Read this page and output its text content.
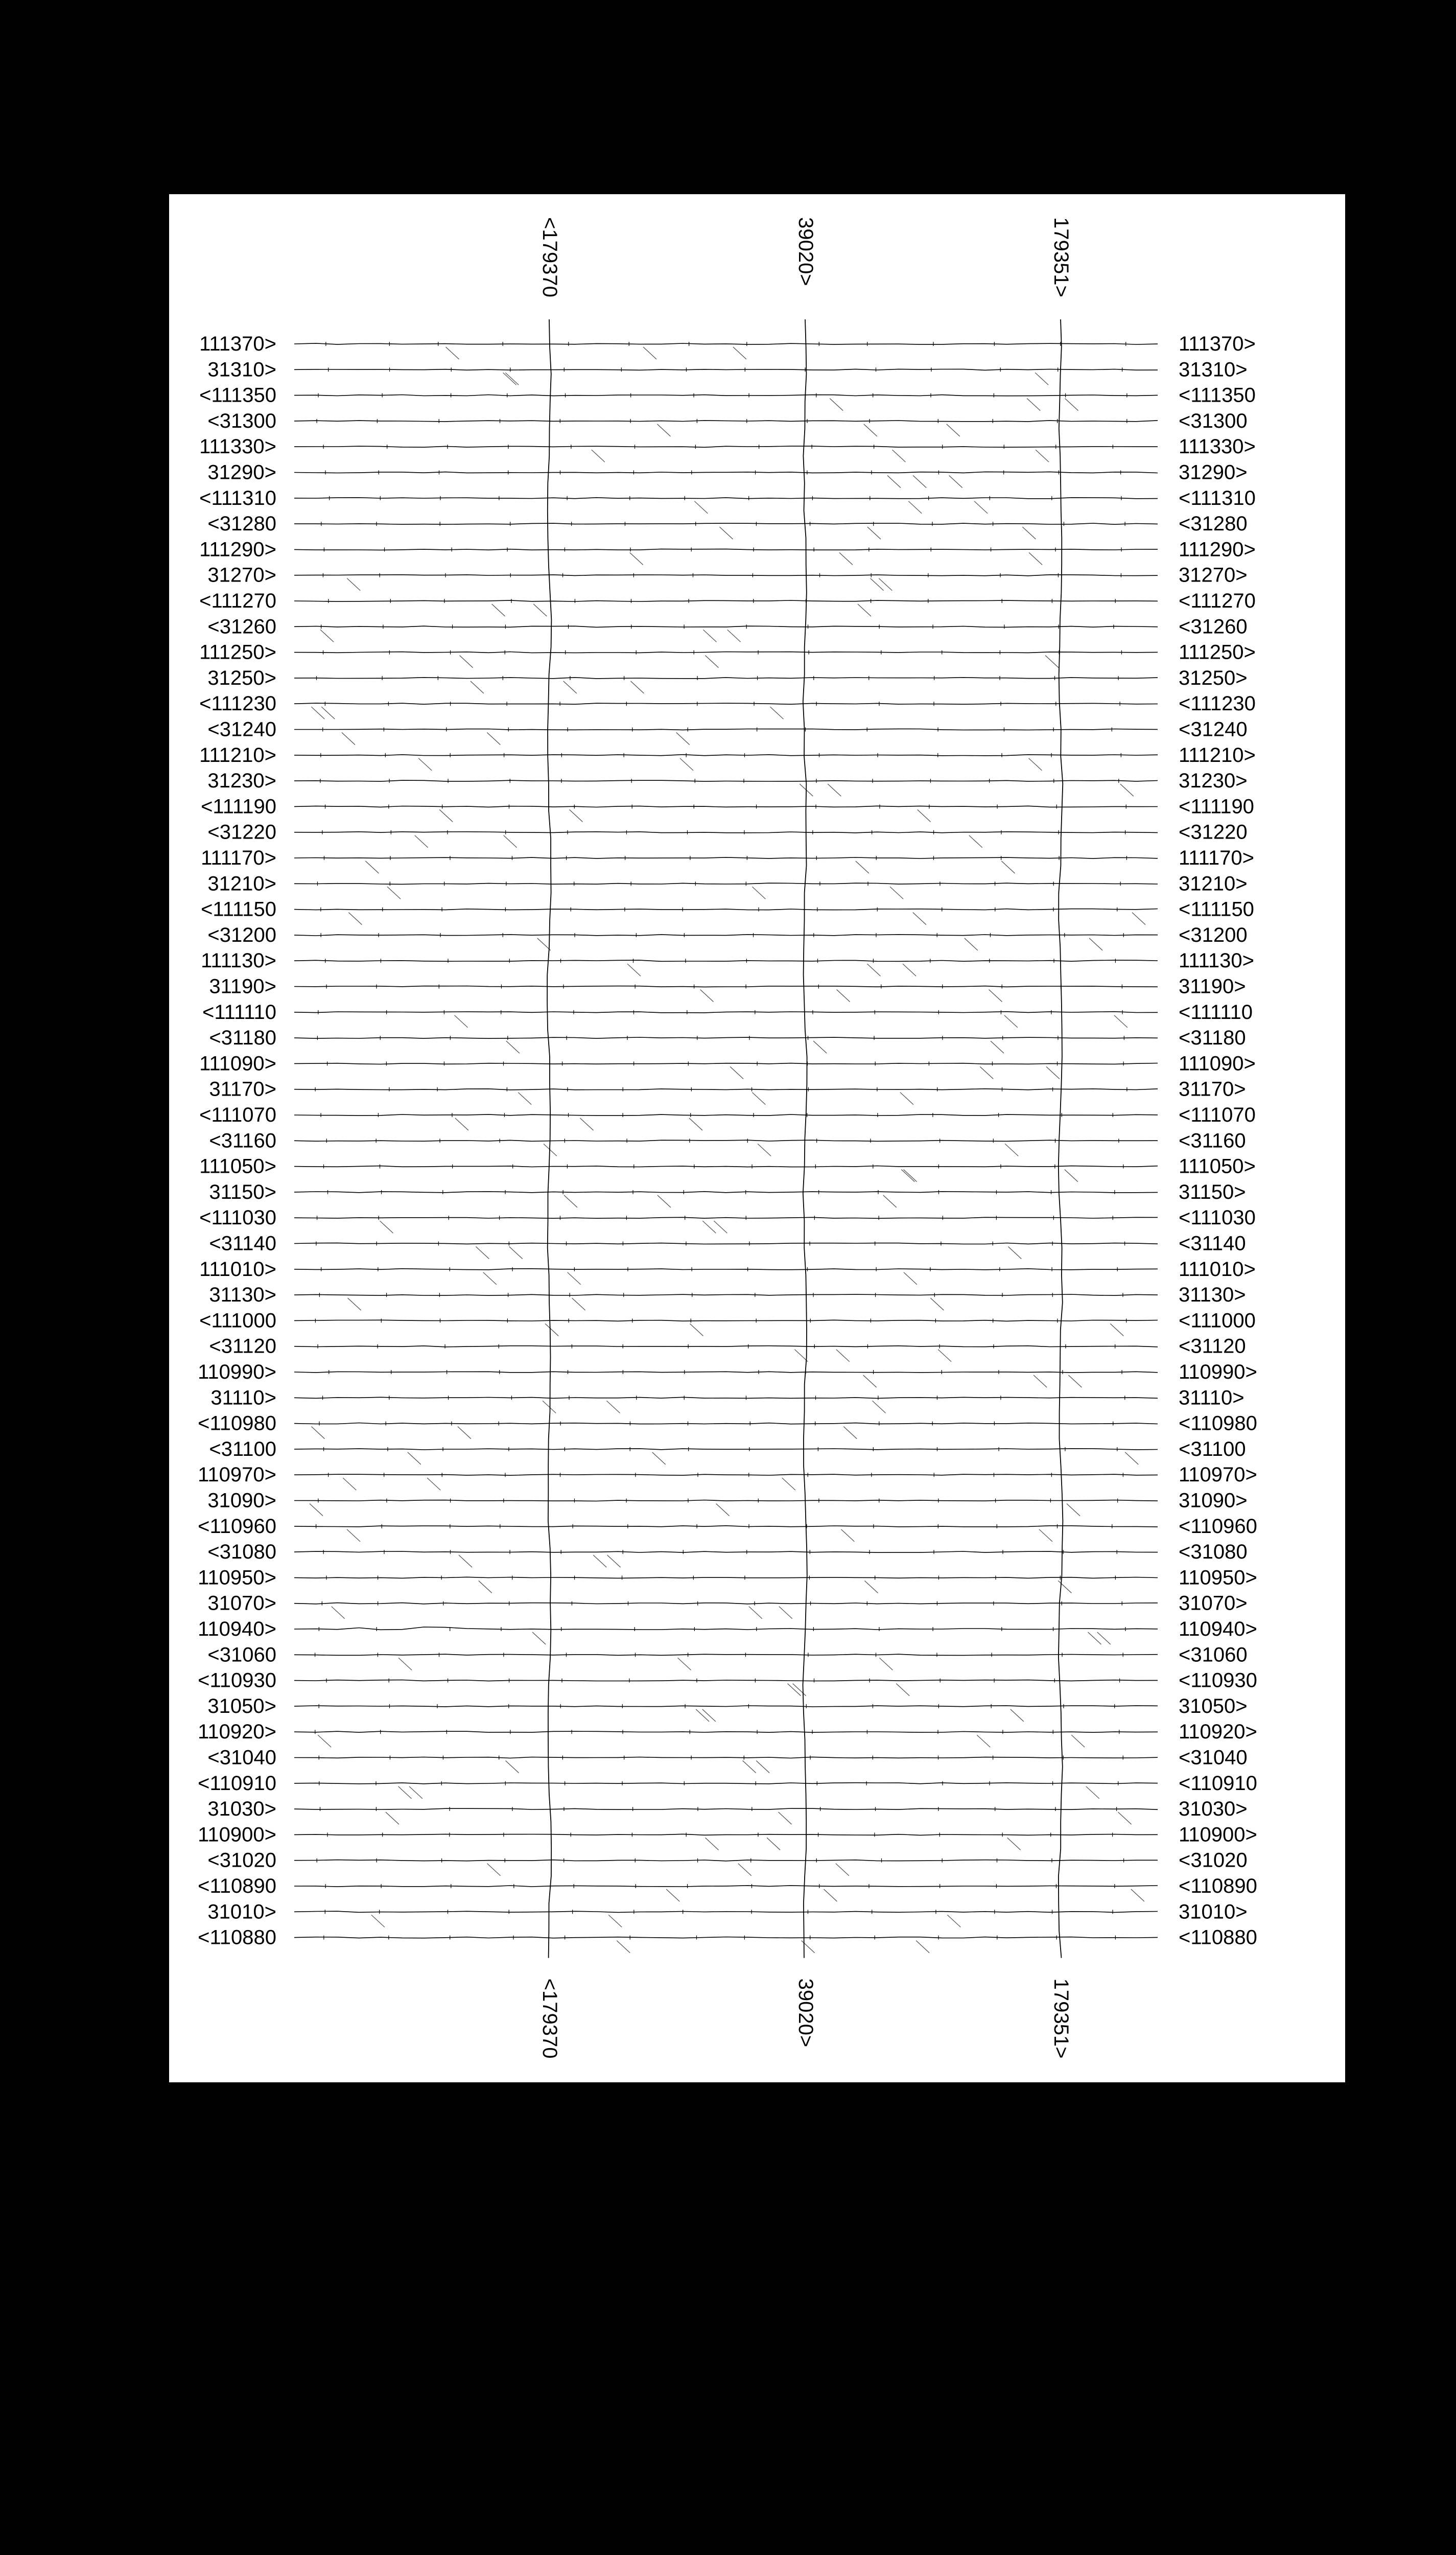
111370>	111370>
31310>	31310>
<111350	<111350
<31300	<31300
111330>	111330>
31290>	31290>
<111310	<111310
<31280	<31280
111290>	111290>
31270>	31270>
<111270	<111270
<31260	<31260
111250>	111250>
31250>	31250>
<111230	<111230
<31240	<31240
111210>	111210>
31230>	31230>
<111190	<111190
<31220	<31220
111170>	111170>
31210>	31210>
<111150	<111150
<31200	<31200
111130>	111130>
31190>	31190>
<111110	<111110
<31180	<31180
111090>	111090>
31170>	31170>
<111070	<111070
<31160	<31160
111050>	111050>
31150>	31150>
<111030	<111030
<31140	<31140
111010>	111010>
31130>	31130>
<111000	<111000
<31120	<31120
110990>	110990>
31110>	31110>
<110980	<110980
<31100	<31100
110970>	110970>
31090>	31090>
<110960	<110960
<31080	<31080
110950>	110950>
31070>	31070>
110940>	110940>
<31060	<31060
<110930	<110930
31050>	31050>
110920>	110920>
<31040	<31040
<110910	<110910
31030>	31030>
110900>	110900>
<31020	<31020
<110890	<110890
31010>	31010>
<110880	<110880
<179370
<179370
39020>
39020>
179351>
179351>
